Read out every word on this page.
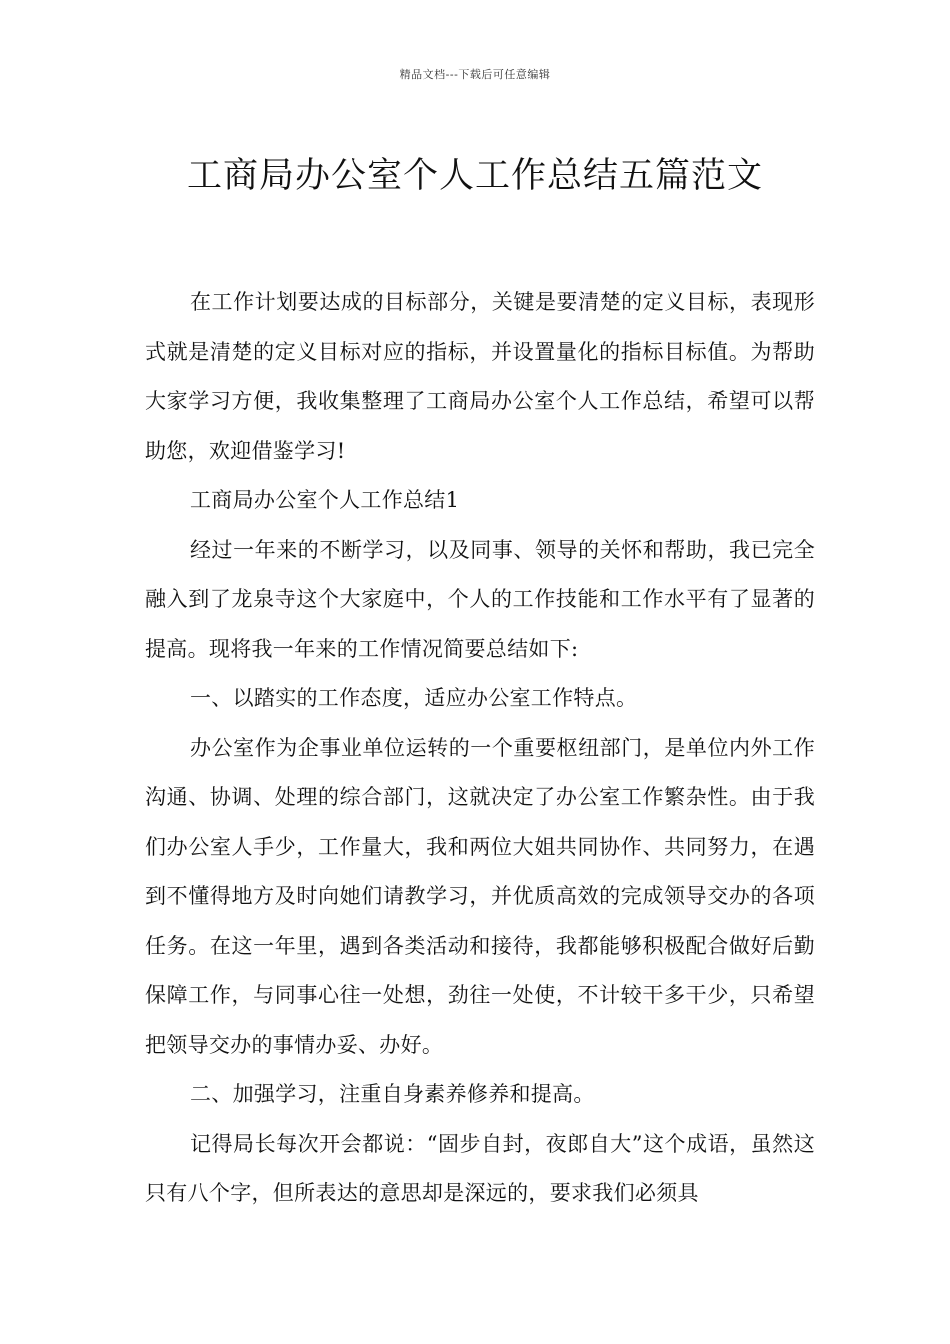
精品文档---下载后可任意编辑
工商局办公室个人工作总结五篇范文

在工作计划要达成的目标部分，关键是要清楚的定义目标，表现形式就是清楚的定义目标对应的指标，并设置量化的指标目标值。为帮助大家学习方便，我收集整理了工商局办公室个人工作总结，希望可以帮助您，欢迎借鉴学习!

工商局办公室个人工作总结1

经过一年来的不断学习，以及同事、领导的关怀和帮助，我已完全融入到了龙泉寺这个大家庭中，个人的工作技能和工作水平有了显著的提高。现将我一年来的工作情况简要总结如下:

一、以踏实的工作态度，适应办公室工作特点。

办公室作为企事业单位运转的一个重要枢纽部门，是单位内外工作沟通、协调、处理的综合部门，这就决定了办公室工作繁杂性。由于我们办公室人手少，工作量大，我和两位大姐共同协作、共同努力，在遇到不懂得地方及时向她们请教学习，并优质高效的完成领导交办的各项任务。在这一年里，遇到各类活动和接待，我都能够积极配合做好后勤保障工作，与同事心往一处想，劲往一处使，不计较干多干少，只希望把领导交办的事情办妥、办好。

二、加强学习，注重自身素养修养和提高。

记得局长每次开会都说：“固步自封，夜郎自大”这个成语，虽然这只有八个字，但所表达的意思却是深远的，要求我们必须具
